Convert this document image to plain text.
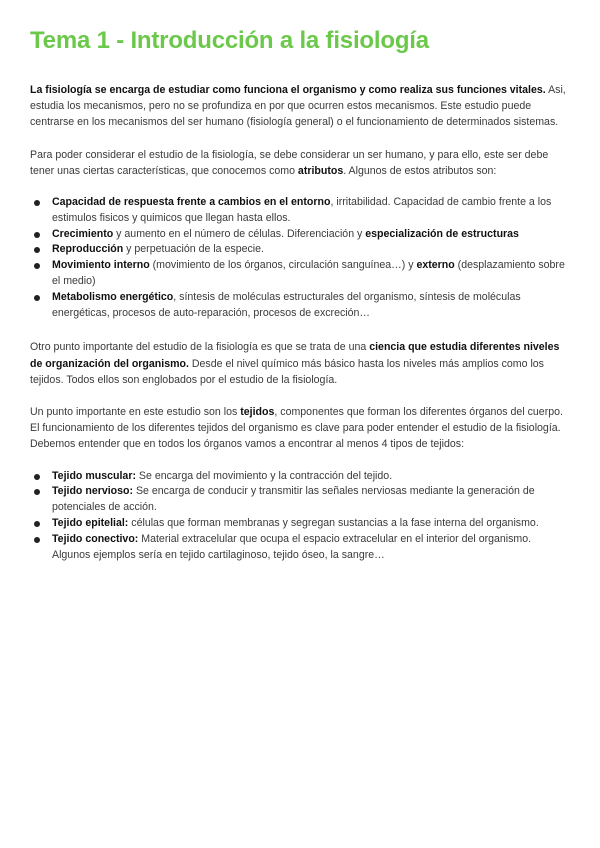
Tema 1 - Introducción a la fisiología

La fisiología se encarga de estudiar como funciona el organismo y como realiza sus funciones vitales. Asi, estudia los mecanismos, pero no se profundiza en por que ocurren estos mecanismos. Este estudio puede centrarse en los mecanismos del ser humano (fisiología general) o el funcionamiento de determinados sistemas.

Para poder considerar el estudio de la fisiología, se debe considerar un ser humano, y para ello, este ser debe tener unas ciertas características, que conocemos como atributos. Algunos de estos atributos son:

Capacidad de respuesta frente a cambios en el entorno, irritabilidad. Capacidad de cambio frente a los estimulos fisicos y quimicos que llegan hasta ellos.
Crecimiento y aumento en el número de células. Diferenciación y especialización de estructuras
Reproducción y perpetuación de la especie.
Movimiento interno (movimiento de los órganos, circulación sanguínea…) y externo (desplazamiento sobre el medio)
Metabolismo energético, síntesis de moléculas estructurales del organismo, síntesis de moléculas energéticas, procesos de auto-reparación, procesos de excreción…

Otro punto importante del estudio de la fisiología es que se trata de una ciencia que estudia diferentes niveles de organización del organismo. Desde el nivel químico más básico hasta los niveles más amplios como los tejidos. Todos ellos son englobados por el estudio de la fisiología.

Un punto importante en este estudio son los tejidos, componentes que forman los diferentes órganos del cuerpo. El funcionamiento de los diferentes tejidos del organismo es clave para poder entender el estudio de la fisiología. Debemos entender que en todos los órganos vamos a encontrar al menos 4 tipos de tejidos:

Tejido muscular: Se encarga del movimiento y la contracción del tejido.
Tejido nervioso: Se encarga de conducir y transmitir las señales nerviosas mediante la generación de potenciales de acción.
Tejido epitelial: células que forman membranas y segregan sustancias a la fase interna del organismo.
Tejido conectivo: Material extracelular que ocupa el espacio extracelular en el interior del organismo. Algunos ejemplos sería en tejido cartilaginoso, tejido óseo, la sangre…
